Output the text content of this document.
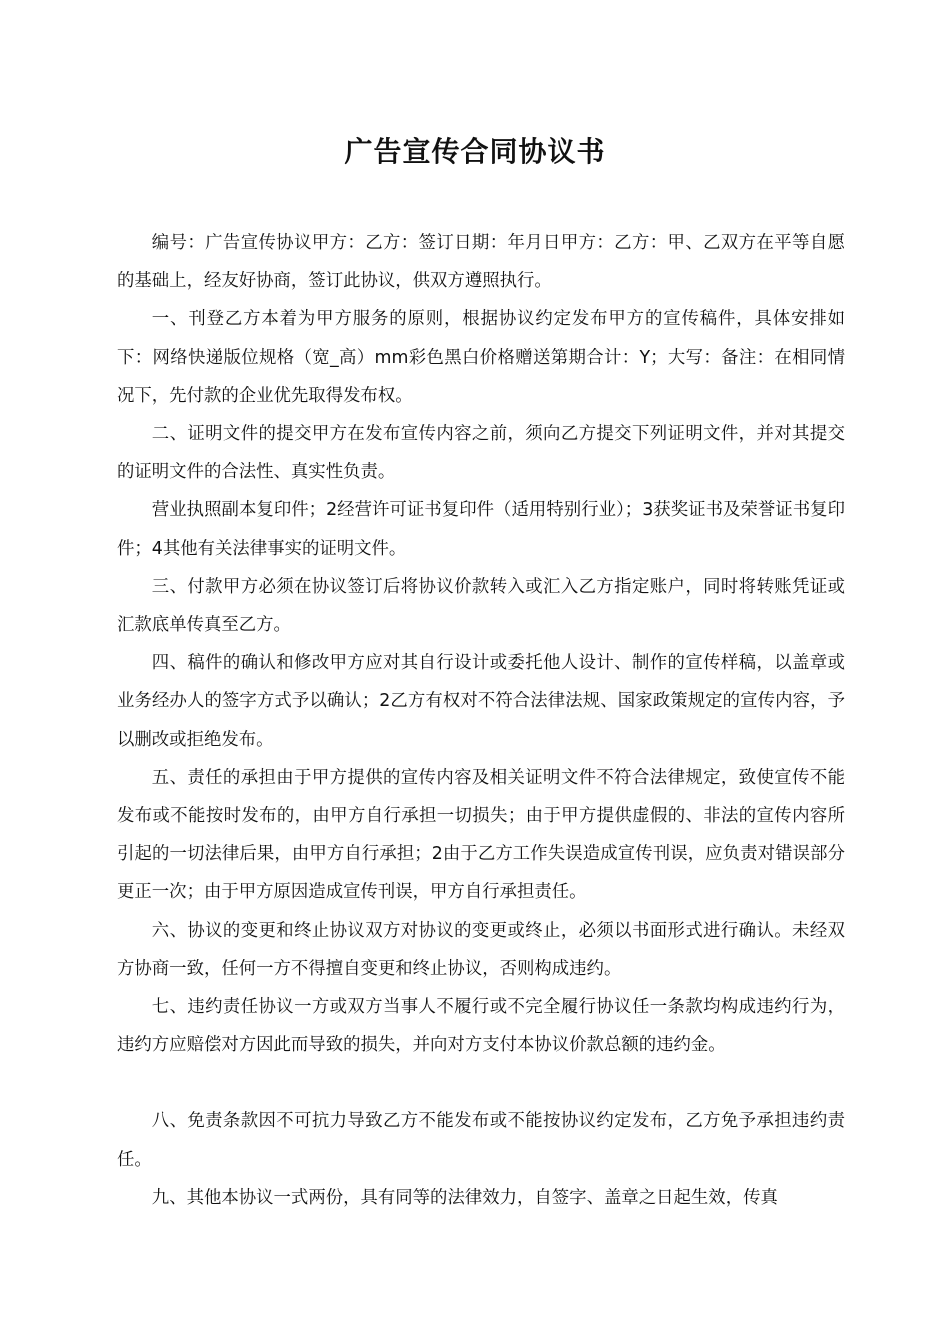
广告宣传合同协议书

编号：广告宣传协议甲方：乙方：签订日期：年月日甲方：乙方：甲、乙双方在平等自愿的基础上，经友好协商，签订此协议，供双方遵照执行。

一、刊登乙方本着为甲方服务的原则，根据协议约定发布甲方的宣传稿件，具体安排如下：网络快递版位规格（宽_高）mm彩色黑白价格赠送第期合计：Y；大写：备注：在相同情况下，先付款的企业优先取得发布权。

二、证明文件的提交甲方在发布宣传内容之前，须向乙方提交下列证明文件，并对其提交的证明文件的合法性、真实性负责。

营业执照副本复印件；2经营许可证书复印件（适用特别行业）；3获奖证书及荣誉证书复印件；4其他有关法律事实的证明文件。

三、付款甲方必须在协议签订后将协议价款转入或汇入乙方指定账户，同时将转账凭证或汇款底单传真至乙方。

四、稿件的确认和修改甲方应对其自行设计或委托他人设计、制作的宣传样稿，以盖章或业务经办人的签字方式予以确认；2乙方有权对不符合法律法规、国家政策规定的宣传内容，予以删改或拒绝发布。

五、责任的承担由于甲方提供的宣传内容及相关证明文件不符合法律规定，致使宣传不能发布或不能按时发布的，由甲方自行承担一切损失；由于甲方提供虚假的、非法的宣传内容所引起的一切法律后果，由甲方自行承担；2由于乙方工作失误造成宣传刊误，应负责对错误部分更正一次；由于甲方原因造成宣传刊误，甲方自行承担责任。

六、协议的变更和终止协议双方对协议的变更或终止，必须以书面形式进行确认。未经双方协商一致，任何一方不得擅自变更和终止协议，否则构成违约。

七、违约责任协议一方或双方当事人不履行或不完全履行协议任一条款均构成违约行为，违约方应赔偿对方因此而导致的损失，并向对方支付本协议价款总额的违约金。

八、免责条款因不可抗力导致乙方不能发布或不能按协议约定发布，乙方免予承担违约责任。

九、其他本协议一式两份，具有同等的法律效力，自签字、盖章之日起生效，传真
